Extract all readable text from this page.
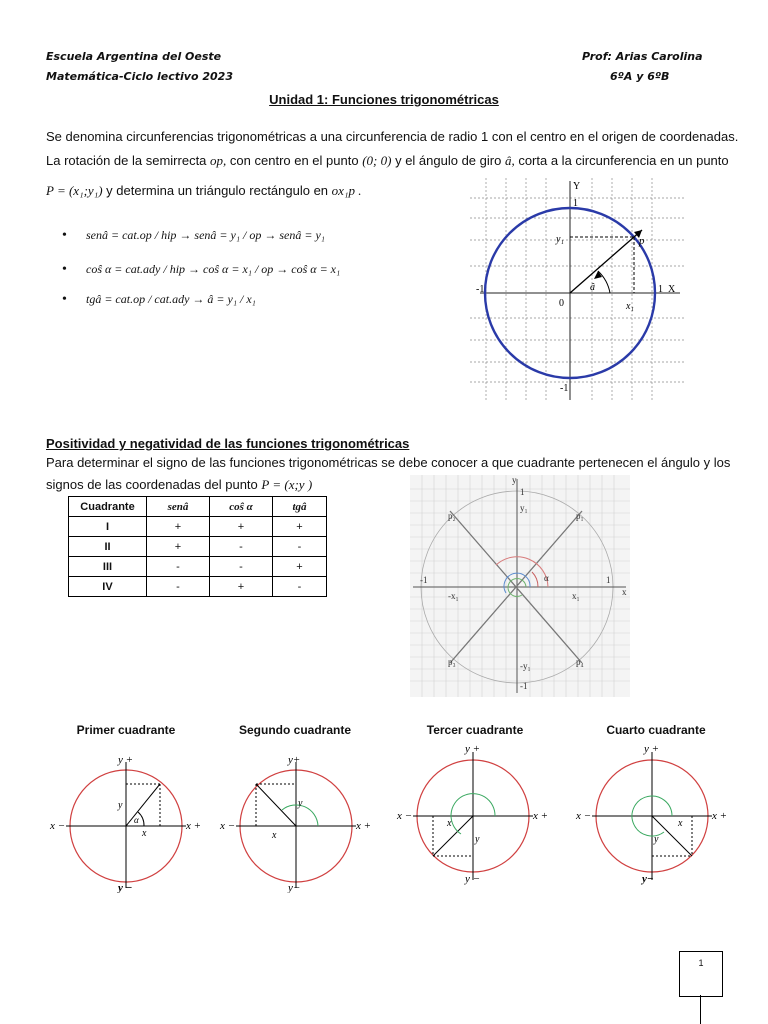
Escuela Argentina del Oeste
Matemática-Ciclo lectivo 2023
Prof: Arias Carolina
6ºA y 6ºB
Unidad 1: Funciones trigonométricas
Se denomina circunferencias trigonométricas a una circunferencia de radio 1 con el centro en el origen de coordenadas.
La rotación de la semirrecta op, con centro en el punto (0; 0) y el ángulo de giro â, corta a la circunferencia en un punto
P = (x₁;y₁) y determina un triángulo rectángulo en ox₁p .
• senâ = cat.op / hip → senâ = y₁ / op → senâ = y₁
• coŝ α = cat.ady / hip → coŝ α = x₁ / op → coŝ α = x₁
• tgâ = cat.op / cat.ady → â = y₁ / x₁
Y
1
1 X
-1
-1
0
y₁
x₁
p
â
Positividad y negatividad de las funciones trigonométricas
Para determinar el signo de las funciones trigonométricas se debe conocer a que cuadrante pertenecen el ángulo y los
signos de las coordenadas del punto P = (x;y )
Cuadrante	senâ	coŝ α	tgâ
I	+	+	+
II	+	-	-
III	-	-	+
IV	-	+	-
y
1
y₁
-1	1
x
-x₁	x₁
-y₁
-1
α
p₁
p₂
p₃	p₄
Primer cuadrante	Segundo cuadrante	Tercer cuadrante	Cuarto cuadrante
y +
y −
x +
x −
x
y
α
y+
y−
x +
x −
x
y
y +
y −
x +
x −
x
y
y +
y−
x +
x −
x
y
1
